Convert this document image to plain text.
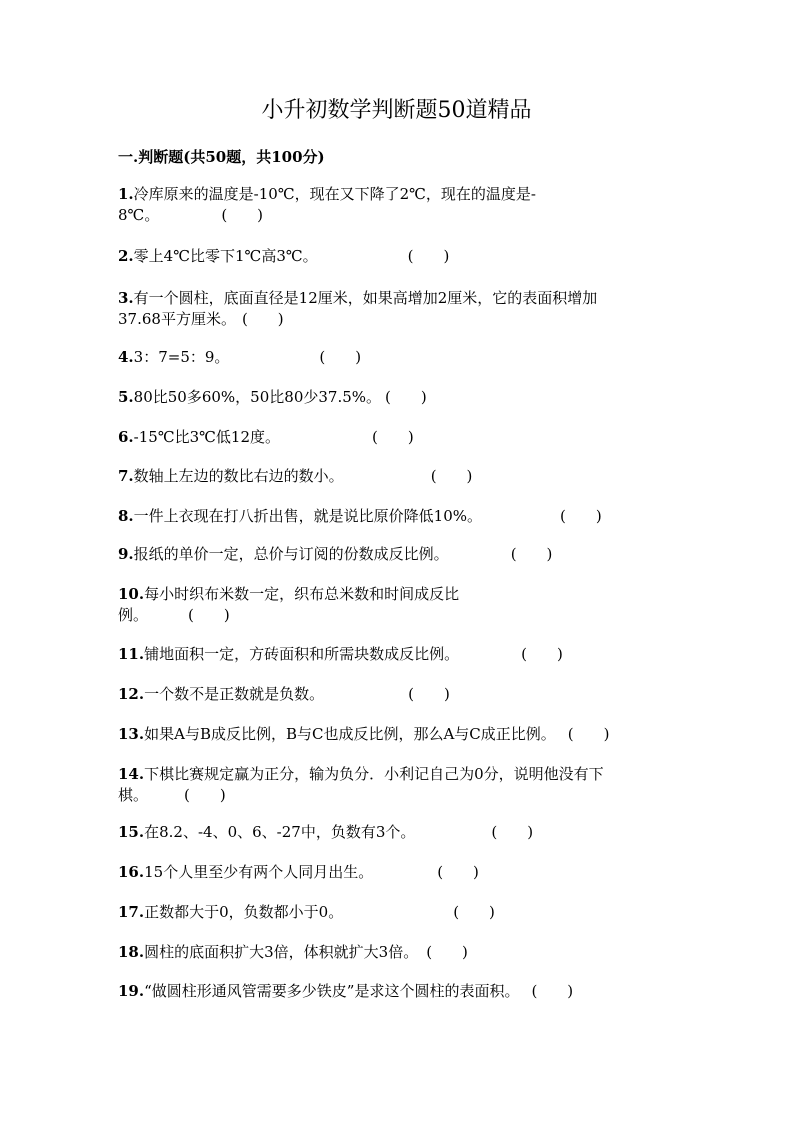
小升初数学判断题50道精品
一.判断题(共50题，共100分)
1.冷库原来的温度是-10℃，现在又下降了2℃，现在的温度是-
8℃。	(　　)
2.零上4℃比零下1℃高3℃。	(　　)
3.有一个圆柱，底面直径是12厘米，如果高增加2厘米，它的表面积增加
37.68平方厘米。 (　　)
4.3：7=5：9。	(　　)
5.80比50多60%，50比80少37.5%。 (　　)
6.-15℃比3℃低12度。	(　　)
7.数轴上左边的数比右边的数小。	(　　)
8.一件上衣现在打八折出售，就是说比原价降低10%。	(　　)
9.报纸的单价一定，总价与订阅的份数成反比例。	(　　)
10.每小时织布米数一定，织布总米数和时间成反比
例。	(　　)
11.铺地面积一定，方砖面积和所需块数成反比例。	(　　)
12.一个数不是正数就是负数。	(　　)
13.如果A与B成反比例，B与C也成反比例，那么A与C成正比例。 (　　)
14.下棋比赛规定赢为正分，输为负分．小利记自己为0分，说明他没有下
棋。 (　　)
15.在8.2、-4、0、6、-27中，负数有3个。	(　　)
16.15个人里至少有两个人同月出生。	(　　)
17.正数都大于0，负数都小于0。	(　　)
18.圆柱的底面积扩大3倍，体积就扩大3倍。 (　　)
19.“做圆柱形通风管需要多少铁皮”是求这个圆柱的表面积。 (　　)
